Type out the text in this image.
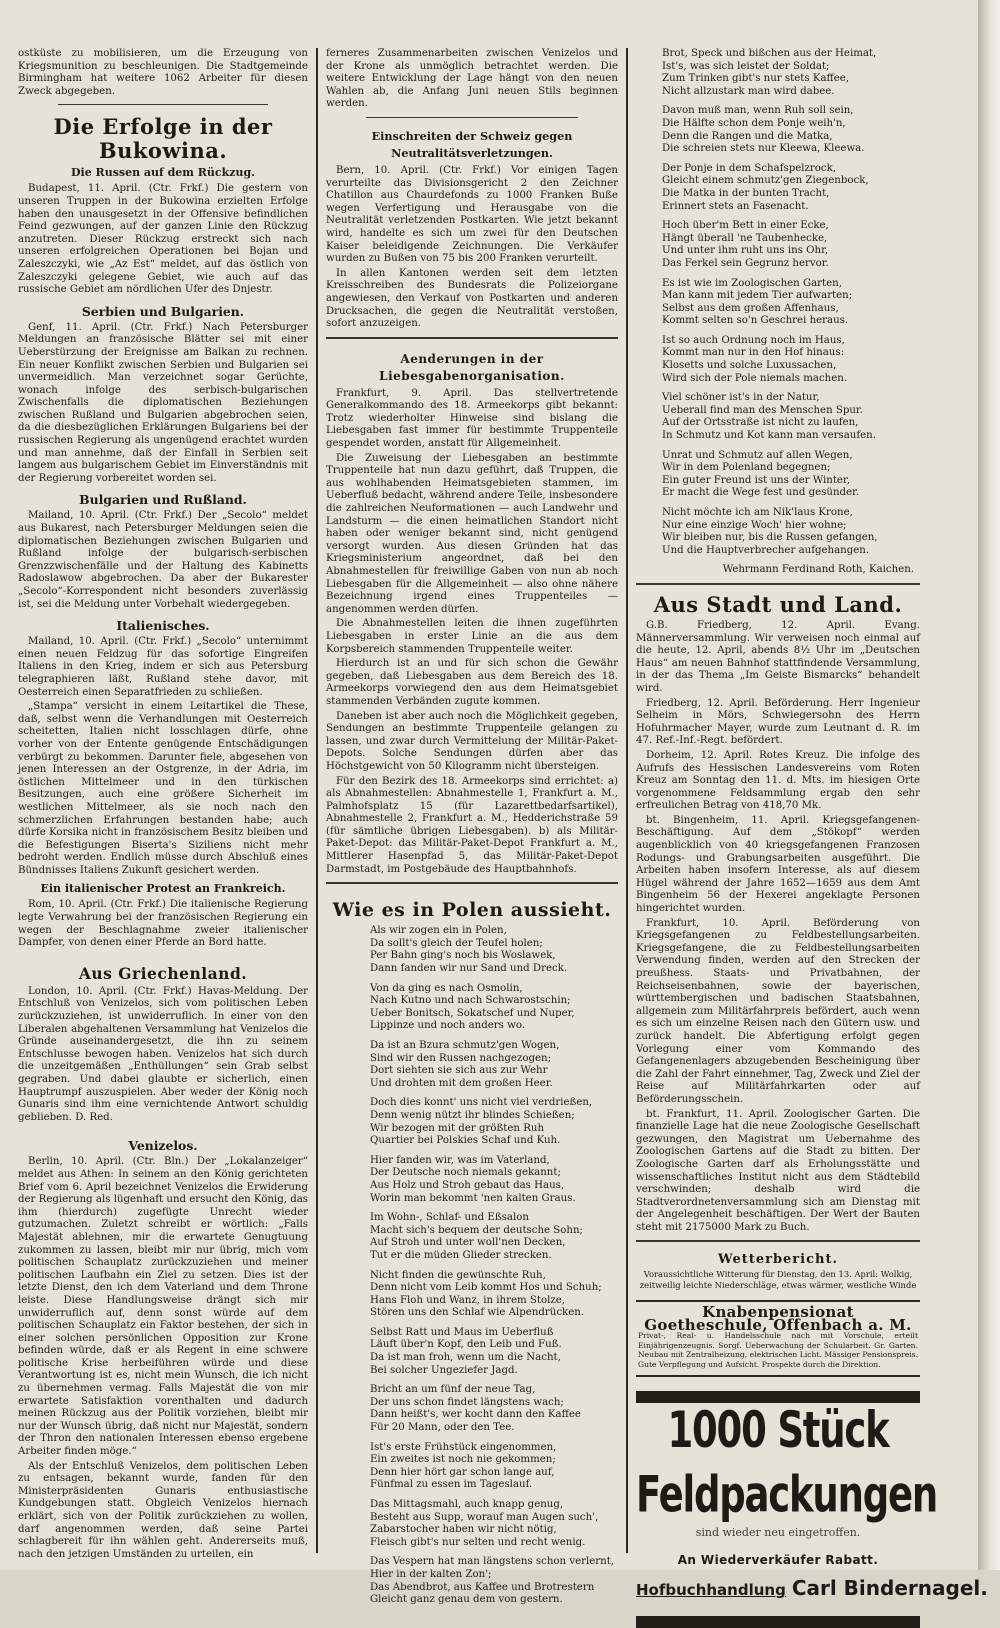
ostküste zu mobilisieren, um die Erzeugung von Kriegsmunition zu beschleunigen. Die Stadtgemeinde Birmingham hat weitere 1062 Arbeiter für diesen Zweck abgegeben.

Die Erfolge in der Bukowina.
Die Russen auf dem Rückzug.

Budapest, 11. April. (Ctr. Frkf.) Die gestern von unseren Truppen in der Bukowina erzielten Erfolge haben den unausgesetzt in der Offensive befindlichen Feind gezwungen, auf der ganzen Linie den Rückzug anzutreten. Dieser Rückzug erstreckt sich nach unseren erfolgreichen Operationen bei Bojan und Zaleszczyki, wie „Az Est“ meldet, auf das östlich von Zaleszczyki gelegene Gebiet, wie auch auf das russische Gebiet am nördlichen Ufer des Dnjestr.

Serbien und Bulgarien.

Genf, 11. April. (Ctr. Frkf.) Nach Petersburger Meldungen an französische Blätter sei mit einer Ueberstürzung der Ereignisse am Balkan zu rechnen. Ein neuer Konflikt zwischen Serbien und Bulgarien sei unvermeidlich. Man verzeichnet sogar Gerüchte, wonach infolge des serbisch-bulgarischen Zwischenfalls die diplomatischen Beziehungen zwischen Rußland und Bulgarien abgebrochen seien, da die diesbezüglichen Erklärungen Bulgariens bei der russischen Regierung als ungenügend erachtet wurden und man annehme, daß der Einfall in Serbien seit langem aus bulgarischem Gebiet im Einverständnis mit der Regierung vorbereitet worden sei.

Bulgarien und Rußland.

Mailand, 10. April. (Ctr. Frkf.) Der „Secolo“ meldet aus Bukarest, nach Petersburger Meldungen seien die diplomatischen Beziehungen zwischen Bulgarien und Rußland infolge der bulgarisch-serbischen Grenzzwischenfälle und der Haltung des Kabinetts Radoslawow abgebrochen. Da aber der Bukarester „Secolo“-Korrespondent nicht besonders zuverlässig ist, sei die Meldung unter Vorbehalt wiedergegeben.

Italienisches.

Mailand, 10. April. (Ctr. Frkf.) „Secolo“ unternimmt einen neuen Feldzug für das sofortige Eingreifen Italiens in den Krieg, indem er sich aus Petersburg telegraphieren läßt, Rußland stehe davor, mit Oesterreich einen Separatfrieden zu schließen.

„Stampa“ versicht in einem Leitartikel die These, daß, selbst wenn die Verhandlungen mit Oesterreich scheitetten, Italien nicht losschlagen dürfe, ohne vorher von der Entente genügende Entschädigungen verbürgt zu bekommen. Darunter fiele, abgesehen von jenen Interessen an der Ostgrenze, in der Adria, im östlichen Mittelmeer und in den türkischen Besitzungen, auch eine größere Sicherheit im westlichen Mittelmeer, als sie noch nach den schmerzlichen Erfahrungen bestanden habe; auch dürfe Korsika nicht in französischem Besitz bleiben und die Befestigungen Biserta's Siziliens nicht mehr bedroht werden. Endlich müsse durch Abschluß eines Bündnisses Italiens Zukunft gesichert werden.

Ein italienischer Protest an Frankreich.

Rom, 10. April. (Ctr. Frkf.) Die italienische Regierung legte Verwahrung bei der französischen Regierung ein wegen der Beschlagnahme zweier italienischer Dampfer, von denen einer Pferde an Bord hatte.

Aus Griechenland.

London, 10. April. (Ctr. Frkf.) Havas-Meldung. Der Entschluß von Venizelos, sich vom politischen Leben zurückzuziehen, ist unwiderruflich. In einer von den Liberalen abgehaltenen Versammlung hat Venizelos die Gründe auseinandergesetzt, die ihn zu seinem Entschlusse bewogen haben. Venizelos hat sich durch die unzeitgemäßen „Enthüllungen“ sein Grab selbst gegraben. Und dabei glaubte er sicherlich, einen Hauptrumpf auszuspielen. Aber weder der König noch Gunaris sind ihm eine vernichtende Antwort schuldig geblieben. D. Red.

Venizelos.

Berlin, 10. April. (Ctr. Bln.) Der „Lokalanzeiger“ meldet aus Athen: In seinem an den König gerichteten Brief vom 6. April bezeichnet Venizelos die Erwiderung der Regierung als lügenhaft und ersucht den König, das ihm (hierdurch) zugefügte Unrecht wieder gutzumachen. Zuletzt schreibt er wörtlich: „Falls Majestät ablehnen, mir die erwartete Genugtuung zukommen zu lassen, bleibt mir nur übrig, mich vom politischen Schauplatz zurückzuziehen und meiner politischen Laufbahn ein Ziel zu setzen. Dies ist der letzte Dienst, den ich dem Vaterland und dem Throne leiste. Diese Handlungsweise drängt sich mir unwiderruflich auf, denn sonst würde auf dem politischen Schauplatz ein Faktor bestehen, der sich in einer solchen persönlichen Opposition zur Krone befinden würde, daß er als Regent in eine schwere politische Krise herbeiführen würde und diese Verantwortung ist es, nicht mein Wunsch, die ich nicht zu übernehmen vermag. Falls Majestät die von mir erwartete Satisfaktion vorenthalten und dadurch meinen Rückzug aus der Politik vorziehen, bleibt mir nur der Wunsch übrig, daß nicht nur Majestät, sondern der Thron den nationalen Interessen ebenso ergebene Arbeiter finden möge.“

Als der Entschluß Venizelos, dem politischen Leben zu entsagen, bekannt wurde, fanden für den Ministerpräsidenten Gunaris enthusiastische Kundgebungen statt. Obgleich Venizelos hiernach erklärt, sich von der Politik zurückziehen zu wollen, darf angenommen werden, daß seine Partei schlagbereit für ihn wählen geht. Andererseits muß, nach den jetzigen Umständen zu urteilen, ein

ferneres Zusammenarbeiten zwischen Venizelos und der Krone als unmöglich betrachtet werden. Die weitere Entwicklung der Lage hängt von den neuen Wahlen ab, die Anfang Juni neuen Stils beginnen werden.

Einschreiten der Schweiz gegen Neutralitätsverletzungen.

Bern, 10. April. (Ctr. Frkf.) Vor einigen Tagen verurteilte das Divisionsgericht 2 den Zeichner Chatillon aus Chaurdefonds zu 1000 Franken Buße wegen Verfertigung und Herausgabe von die Neutralität verletzenden Postkarten. Wie jetzt bekannt wird, handelte es sich um zwei für den Deutschen Kaiser beleidigende Zeichnungen. Die Verkäufer wurden zu Bußen von 75 bis 200 Franken verurteilt.

In allen Kantonen werden seit dem letzten Kreisschreiben des Bundesrats die Polizeiorgane angewiesen, den Verkauf von Postkarten und anderen Drucksachen, die gegen die Neutralität verstoßen, sofort anzuzeigen.

Aenderungen in der Liebesgabenorganisation.

Frankfurt, 9. April. Das stellvertretende Generalkommando des 18. Armeekorps gibt bekannt: Trotz wiederholter Hinweise sind bislang die Liebesgaben fast immer für bestimmte Truppenteile gespendet worden, anstatt für Allgemeinheit.

Die Zuweisung der Liebesgaben an bestimmte Truppenteile hat nun dazu geführt, daß Truppen, die aus wohlhabenden Heimatsgebieten stammen, im Ueberfluß bedacht, während andere Teile, insbesondere die zahlreichen Neuformationen — auch Landwehr und Landsturm — die einen heimatlichen Standort nicht haben oder weniger bekannt sind, nicht genügend versorgt wurden. Aus diesen Gründen hat das Kriegsministerium angeordnet, daß bei den Abnahmestellen für freiwillige Gaben von nun ab noch Liebesgaben für die Allgemeinheit — also ohne nähere Bezeichnung irgend eines Truppenteiles — angenommen werden dürfen.

Die Abnahmestellen leiten die ihnen zugeführten Liebesgaben in erster Linie an die aus dem Korpsbereich stammenden Truppenteile weiter.

Hierdurch ist an und für sich schon die Gewähr gegeben, daß Liebesgaben aus dem Bereich des 18. Armeekorps vorwiegend den aus dem Heimatsgebiet stammenden Verbänden zugute kommen.

Daneben ist aber auch noch die Möglichkeit gegeben, Sendungen an bestimmte Truppenteile gelangen zu lassen, und zwar durch Vermittelung der Militär-Paket-Depots. Solche Sendungen dürfen aber das Höchstgewicht von 50 Kilogramm nicht übersteigen.

Für den Bezirk des 18. Armeekorps sind errichtet: a) als Abnahmestellen: Abnahmestelle 1, Frankfurt a. M., Palmhofsplatz 15 (für Lazarettbedarfsartikel), Abnahmestelle 2, Frankfurt a. M., Hedderichstraße 59 (für sämtliche übrigen Liebesgaben). b) als Militär-Paket-Depot: das Militär-Paket-Depot Frankfurt a. M., Mittlerer Hasenpfad 5, das Militär-Paket-Depot Darmstadt, im Postgebäude des Hauptbahnhofs.

Wie es in Polen aussieht.
Als wir zogen ein in Polen,
Da sollt's gleich der Teufel holen;
Per Bahn ging's noch bis Woslawek,
Dann fanden wir nur Sand und Dreck.
Von da ging es nach Osmolin,
Nach Kutno und nach Schwarostschin;
Ueber Bonitsch, Sokatschef und Nuper,
Lippinze und noch anders wo.
Da ist an Bzura schmutz'gen Wogen,
Sind wir den Russen nachgezogen;
Dort siehten sie sich aus zur Wehr
Und drohten mit dem großen Heer.
Doch dies konnt' uns nicht viel verdrießen,
Denn wenig nützt ihr blindes Schießen;
Wir bezogen mit der größten Ruh
Quartier bei Polskies Schaf und Kuh.
Hier fanden wir, was im Vaterland,
Der Deutsche noch niemals gekannt;
Aus Holz und Stroh gebaut das Haus,
Worin man bekommt 'nen kalten Graus.
Im Wohn-, Schlaf- und Eßsalon
Macht sich's bequem der deutsche Sohn;
Auf Stroh und unter woll'nen Decken,
Tut er die müden Glieder strecken.
Nicht finden die gewünschte Ruh,
Denn nicht vom Leib kommt Hos und Schuh;
Hans Floh und Wanz, in ihrem Stolze,
Stören uns den Schlaf wie Alpendrücken.
Selbst Ratt und Maus im Ueberfluß
Läuft über'n Kopf, den Leib und Fuß.
Da ist man froh, wenn um die Nacht,
Bei solcher Ungeziefer Jagd.
Bricht an um fünf der neue Tag,
Der uns schon findet längstens wach;
Dann heißt's, wer kocht dann den Kaffee
Für 20 Mann, oder den Tee.
Ist's erste Frühstück eingenommen,
Ein zweites ist noch nie gekommen;
Denn hier hört gar schon lange auf,
Fünfmal zu essen im Tageslauf.
Das Mittagsmahl, auch knapp genug,
Besteht aus Supp, worauf man Augen such',
Zabarstocher haben wir nicht nötig,
Fleisch gibt's nur selten und recht wenig.
Das Vespern hat man längstens schon verlernt,
Hier in der kalten Zon';
Das Abendbrot, aus Kaffee und Brotrestern
Gleicht ganz genau dem von gestern.
Brot, Speck und bißchen aus der Heimat,
Ist's, was sich leistet der Soldat;
Zum Trinken gibt's nur stets Kaffee,
Nicht allzustark man wird dabee.
Davon muß man, wenn Ruh soll sein,
Die Hälfte schon dem Ponje weih'n,
Denn die Rangen und die Matka,
Die schreien stets nur Kleewa, Kleewa.
Der Ponje in dem Schafspelzrock,
Gleicht einem schmutz'gen Ziegenbock,
Die Matka in der bunten Tracht,
Erinnert stets an Fasenacht.
Hoch über'm Bett in einer Ecke,
Hängt überall 'ne Taubenhecke,
Und unter ihm ruht uns ins Ohr,
Das Ferkel sein Gegrunz hervor.
Es ist wie im Zoologischen Garten,
Man kann mit jedem Tier aufwarten;
Selbst aus dem großen Affenhaus,
Kommt selten so'n Geschrei heraus.
Ist so auch Ordnung noch im Haus,
Kommt man nur in den Hof hinaus:
Klosetts und solche Luxussachen,
Wird sich der Pole niemals machen.
Viel schöner ist's in der Natur,
Ueberall find man des Menschen Spur.
Auf der Ortsstraße ist nicht zu laufen,
In Schmutz und Kot kann man versaufen.
Unrat und Schmutz auf allen Wegen,
Wir in dem Polenland begegnen;
Ein guter Freund ist uns der Winter,
Er macht die Wege fest und gesünder.
Nicht möchte ich am Nik'laus Krone,
Nur eine einzige Woch' hier wohne;
Wir bleiben nur, bis die Russen gefangen,
Und die Hauptverbrecher aufgehangen.
Wehrmann Ferdinand Roth, Kaichen.
Aus Stadt und Land.

G.B. Friedberg, 12. April. Evang. Männerversammlung. Wir verweisen noch einmal auf die heute, 12. April, abends 8½ Uhr im „Deutschen Haus“ am neuen Bahnhof stattfindende Versammlung, in der das Thema „Im Geiste Bismarcks“ behandelt wird.

Friedberg, 12. April. Beförderung. Herr Ingenieur Selheim in Mörs, Schwiegersohn des Herrn Hofuhrmacher Mayer, wurde zum Leutnant d. R. im 47. Ref.-Inf.-Regt. befördert.

Dorheim, 12. April. Rotes Kreuz. Die infolge des Aufrufs des Hessischen Landesvereins vom Roten Kreuz am Sonntag den 11. d. Mts. im hiesigen Orte vorgenommene Feldsammlung ergab den sehr erfreulichen Betrag von 418,70 Mk.

bt. Bingenheim, 11. April. Kriegsgefangenen-Beschäftigung. Auf dem „Stökopf“ werden augenblicklich von 40 kriegsgefangenen Franzosen Rodungs- und Grabungsarbeiten ausgeführt. Die Arbeiten haben insofern Interesse, als auf diesem Hügel während der Jahre 1652—1659 aus dem Amt Bingenheim 56 der Hexerei angeklagte Personen hingerichtet wurden.

Frankfurt, 10. April. Beförderung von Kriegsgefangenen zu Feldbestellungsarbeiten. Kriegsgefangene, die zu Feldbestellungsarbeiten Verwendung finden, werden auf den Strecken der preußhess. Staats- und Privatbahnen, der Reichseisenbahnen, sowie der bayerischen, württembergischen und badischen Staatsbahnen, allgemein zum Militärfahrpreis befördert, auch wenn es sich um einzelne Reisen nach den Gütern usw. und zurück handelt. Die Abfertigung erfolgt gegen Vorlegung einer vom Kommando des Gefangenenlagers abzugebenden Bescheinigung über die Zahl der Fahrt einnehmer, Tag, Zweck und Ziel der Reise auf Militärfahrkarten oder auf Beförderungsschein.

bt. Frankfurt, 11. April. Zoologischer Garten. Die finanzielle Lage hat die neue Zoologische Gesellschaft gezwungen, den Magistrat um Uebernahme des Zoologischen Gartens auf die Stadt zu bitten. Der Zoologische Garten darf als Erholungsstätte und wissenschaftliches Institut nicht aus dem Städtebild verschwinden; deshalb wird die Stadtverordnetenversammlung sich am Dienstag mit der Angelegenheit beschäftigen. Der Wert der Bauten steht mit 2175000 Mark zu Buch.

Wetterbericht.
Voraussichtliche Witterung für Dienstag, den 13. April: Wolkig, zeitweilig leichte Niederschläge, etwas wärmer, westliche Winde
Knabenpensionat Goetheschule, Offenbach a. M.
Privat-, Real- u. Handelsschule nach mit Vorschule, erteilt Einjährigenzeugnis. Sorgf. Ueberwachung der Schularbeit. Gr. Garten. Neubau mit Zentralheizung, elektrischen Licht. Mässiger Pensionspreis. Gute Verpflegung und Aufsicht. Prospekte durch die Direktion.
1000 Stück Feldpackungen
sind wieder neu eingetroffen.
An Wiederverkäufer Rabatt.
Hofbuchhandlung Carl Bindernagel.
